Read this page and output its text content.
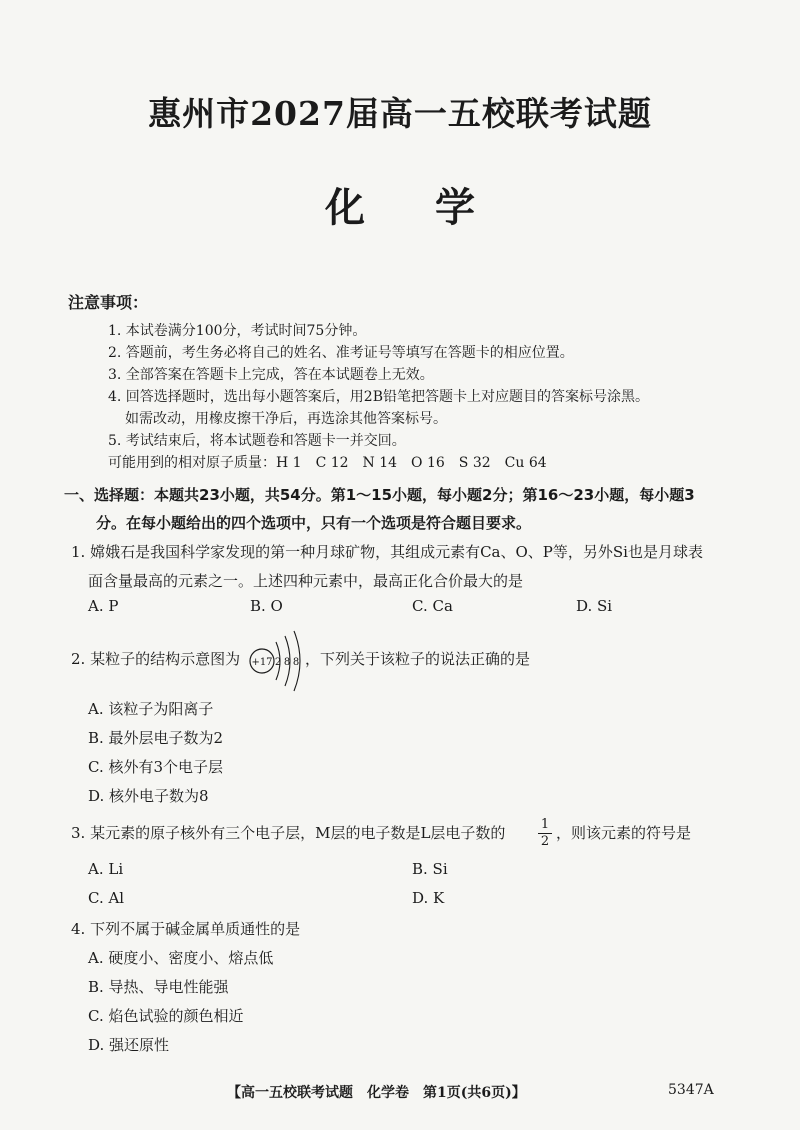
惠州市2027届高一五校联考试题
化学
注意事项：
1. 本试卷满分100分，考试时间75分钟。
2. 答题前，考生务必将自己的姓名、准考证号等填写在答题卡的相应位置。
3. 全部答案在答题卡上完成，答在本试题卷上无效。
4. 回答选择题时，选出每小题答案后，用2B铅笔把答题卡上对应题目的答案标号涂黑。
如需改动，用橡皮擦干净后，再选涂其他答案标号。
5. 考试结束后，将本试题卷和答题卡一并交回。
可能用到的相对原子质量：H 1　C 12　N 14　O 16　S 32　Cu 64
一、选择题：本题共23小题，共54分。第1～15小题，每小题2分；第16～23小题，每小题3
分。在每小题给出的四个选项中，只有一个选项是符合题目要求。
1. 嫦娥石是我国科学家发现的第一种月球矿物，其组成元素有Ca、O、P等，另外Si也是月球表
面含量最高的元素之一。上述四种元素中，最高正化合价最大的是
A. P	B. O	C. Ca	D. Si
2. 某粒子的结构示意图为 +17 2 8 8 ，下列关于该粒子的说法正确的是
A. 该粒子为阳离子
B. 最外层电子数为2
C. 核外有3个电子层
D. 核外电子数为8
3. 某元素的原子核外有三个电子层，M层的电子数是L层电子数的	1
2 ，则该元素的符号是
A. Li	B. Si
C. Al	D. K
4. 下列不属于碱金属单质通性的是
A. 硬度小、密度小、熔点低
B. 导热、导电性能强
C. 焰色试验的颜色相近
D. 强还原性
【高一五校联考试题　化学卷　第1页(共6页)】	5347A
